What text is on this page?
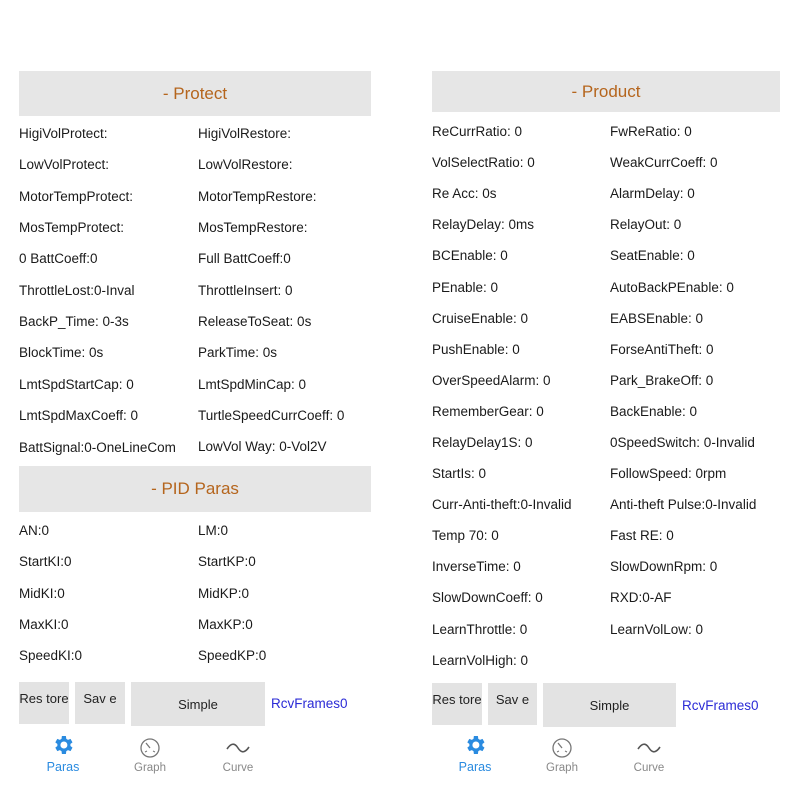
- Protect
HigiVolProtect:	HigiVolRestore:
LowVolProtect:	LowVolRestore:
MotorTempProtect:	MotorTempRestore:
MosTempProtect:	MosTempRestore:
0 BattCoeff:0	Full BattCoeff:0
ThrottleLost:0-Inval	ThrottleInsert: 0
BackP_Time: 0-3s	ReleaseToSeat: 0s
BlockTime: 0s	ParkTime: 0s
LmtSpdStartCap: 0	LmtSpdMinCap: 0
LmtSpdMaxCoeff: 0	TurtleSpeedCurrCoeff: 0
BattSignal:0-OneLineCom	LowVol Way: 0-Vol2V
- PID Paras
AN:0	LM:0
StartKI:0	StartKP:0
MidKI:0	MidKP:0
MaxKI:0	MaxKP:0
SpeedKI:0	SpeedKP:0
Res tore	Sav e	Simple	RcvFrames0
Paras	Graph	Curve
- Product
ReCurrRatio: 0	FwReRatio: 0
VolSelectRatio: 0	WeakCurrCoeff: 0
Re Acc: 0s	AlarmDelay: 0
RelayDelay: 0ms	RelayOut: 0
BCEnable: 0	SeatEnable: 0
PEnable: 0	AutoBackPEnable: 0
CruiseEnable: 0	EABSEnable: 0
PushEnable: 0	ForseAntiTheft: 0
OverSpeedAlarm: 0	Park_BrakeOff: 0
RememberGear: 0	BackEnable: 0
RelayDelay1S: 0	0SpeedSwitch: 0-Invalid
StartIs: 0	FollowSpeed: 0rpm
Curr-Anti-theft:0-Invalid	Anti-theft Pulse:0-Invalid
Temp 70: 0	Fast RE: 0
InverseTime: 0	SlowDownRpm: 0
SlowDownCoeff: 0	RXD:0-AF
LearnThrottle: 0	LearnVolLow: 0
LearnVolHigh: 0
Res tore	Sav e	Simple	RcvFrames0
Paras	Graph	Curve
